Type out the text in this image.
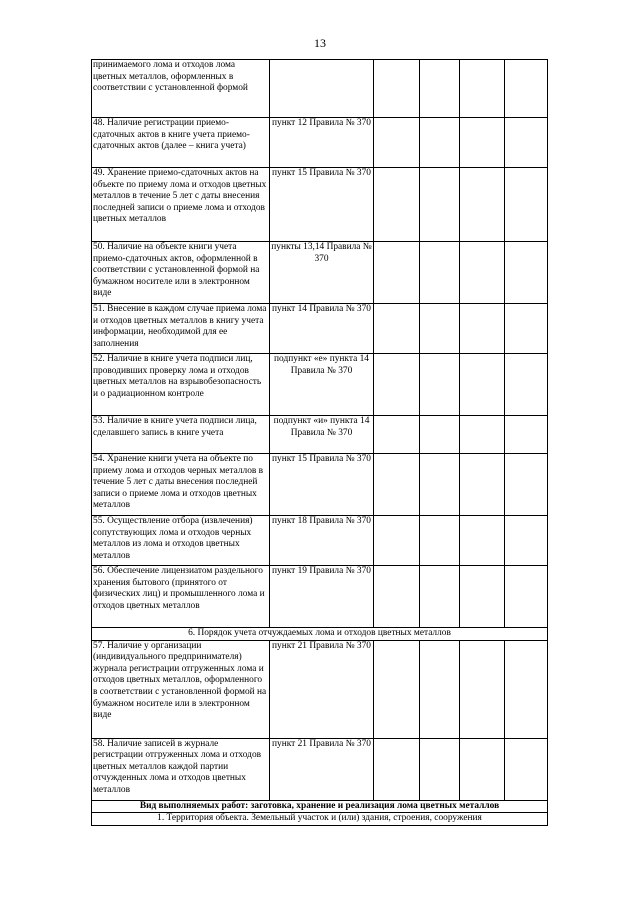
13
принимаемого лома и отходов лома цветных металлов, оформленных в соответствии с установленной формой					
48. Наличие регистрации приемо-сдаточных актов в книге учета приемо-сдаточных актов (далее – книга учета)	пункт 12 Правила № 370				
49. Хранение приемо-сдаточных актов на объекте по приему лома и отходов цветных металлов в течение 5 лет с даты внесения последней записи о приеме лома и отходов цветных металлов	пункт 15 Правила № 370				
50. Наличие на объекте книги учета приемо-сдаточных актов, оформленной в соответствии с установленной формой на бумажном носителе или в электронном виде	пункты 13,14 Правила № 370				
51. Внесение в каждом случае приема лома и отходов цветных металлов в книгу учета информации, необходимой для ее заполнения	пункт 14 Правила № 370				
52. Наличие в книге учета подписи лиц, проводивших проверку лома и отходов цветных металлов на взрывобезопасность и о радиационном контроле	подпункт «е» пункта 14 Правила № 370				
53. Наличие в книге учета подписи лица, сделавшего запись в книге учета	подпункт «и» пункта 14 Правила № 370				
54. Хранение книги учета на объекте по приему лома и отходов черных металлов в течение 5 лет с даты внесения последней записи о приеме лома и отходов цветных металлов	пункт 15 Правила № 370				
55. Осуществление отбора (извлечения) сопутствующих лома и отходов черных металлов из лома и отходов цветных металлов	пункт 18 Правила № 370				
56. Обеспечение лицензиатом раздельного хранения бытового (принятого от физических лиц) и промышленного лома и отходов цветных металлов	пункт 19 Правила № 370				
6. Порядок учета отчуждаемых лома и отходов цветных металлов					
57. Наличие у организации (индивидуального предпринимателя) журнала регистрации отгруженных лома и отходов цветных металлов, оформленного в соответствии с установленной формой на бумажном носителе или в электронном виде	пункт 21 Правила № 370				
58. Наличие записей в журнале регистрации отгруженных лома и отходов цветных металлов каждой партии отчужденных лома и отходов цветных металлов	пункт 21 Правила № 370				
Вид выполняемых работ: заготовка, хранение и реализация лома цветных металлов					
1. Территория объекта. Земельный участок и (или) здания, строения, сооружения					
